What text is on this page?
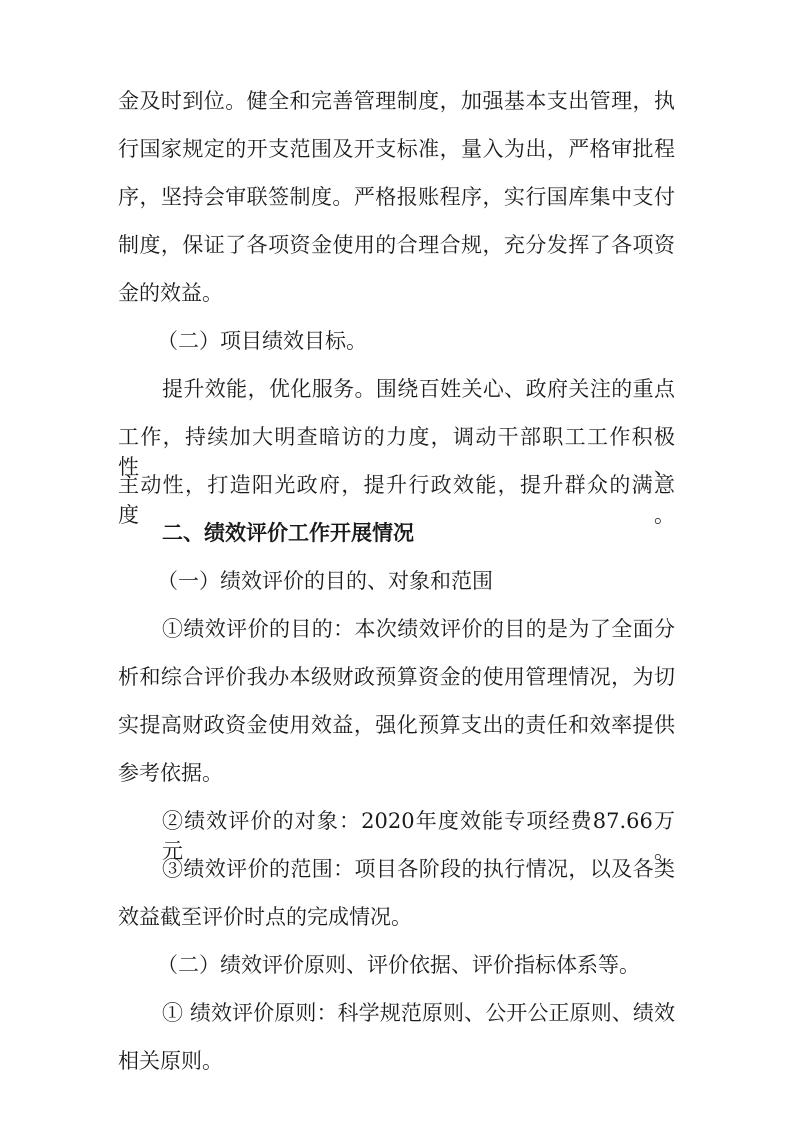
金及时到位。健全和完善管理制度，加强基本支出管理，执
行国家规定的开支范围及开支标准，量入为出，严格审批程
序，坚持会审联签制度。严格报账程序，实行国库集中支付
制度，保证了各项资金使用的合理合规，充分发挥了各项资
金的效益。
（二）项目绩效目标。
提升效能，优化服务。围绕百姓关心、政府关注的重点
工作，持续加大明查暗访的力度，调动干部职工工作积极性、
主动性，打造阳光政府，提升行政效能，提升群众的满意度。
二、绩效评价工作开展情况
（一）绩效评价的目的、对象和范围
①绩效评价的目的：本次绩效评价的目的是为了全面分
析和综合评价我办本级财政预算资金的使用管理情况，为切
实提高财政资金使用效益，强化预算支出的责任和效率提供
参考依据。
②绩效评价的对象：2020年度效能专项经费87.66万元。
③绩效评价的范围：项目各阶段的执行情况，以及各类
效益截至评价时点的完成情况。
（二）绩效评价原则、评价依据、评价指标体系等。
① 绩效评价原则：科学规范原则、公开公正原则、绩效
相关原则。
